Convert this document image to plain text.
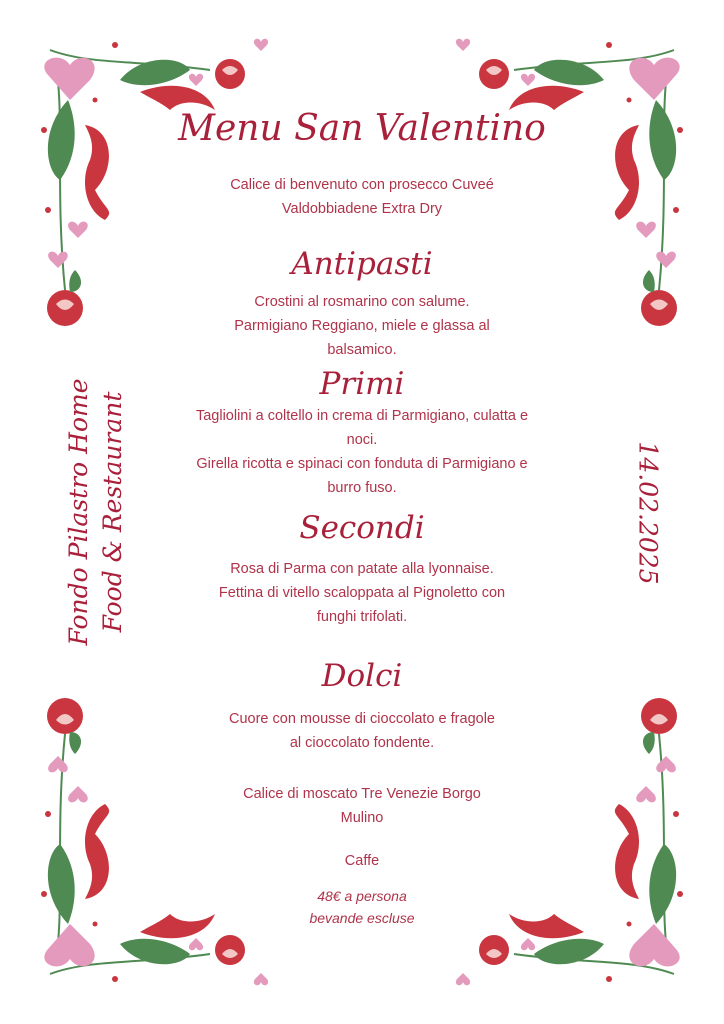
Menu San Valentino
Calice di benvenuto con prosecco Cuveé
Valdobbiadene Extra Dry
Antipasti
Crostini al rosmarino con salume.
Parmigiano Reggiano, miele e glassa al
balsamico.
Primi
Tagliolini a coltello in crema di Parmigiano, culatta e
noci.
Girella ricotta e spinaci con fonduta di Parmigiano e
burro fuso.
Secondi
Rosa di Parma con patate alla lyonnaise.
Fettina di vitello scaloppata al Pignoletto con
funghi trifolati.
Dolci
Cuore con mousse di cioccolato e fragole
al cioccolato fondente.
Calice di moscato Tre Venezie Borgo
Mulino
Caffe
48€ a persona
bevande escluse
Fondo Pilastro Home Food & Restaurant	14.02.2025
